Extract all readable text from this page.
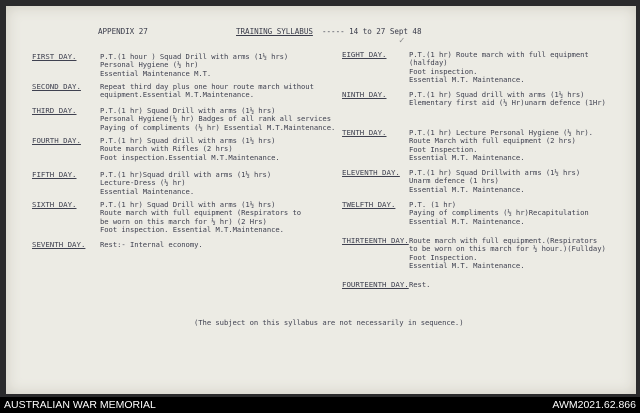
APPENDIX 27	TRAINING SYLLABUS ----- 14 to 27 Sept 48
✓
FIRST DAY.	P.T.(1 hour ) Squad Drill with arms (1½ hrs)
Personal Hygiene (½ hr)
Essential Maintenance M.T.
SECOND DAY.	Repeat third day plus one hour route march without
equipment.Essential M.T.Maintenance.
THIRD DAY.	P.T.(1 hr) Squad Drill with arms (1½ hrs)
Personal Hygiene(½ hr) Badges of all rank all services
Paying of compliments (½ hr) Essential M.T.Maintenance.
FOURTH DAY.	P.T.(1 hr) Squad drill with arms (1½ hrs)
Route march with Rifles (2 hrs)
Foot inspection.Essential M.T.Maintenance.
FIFTH DAY.	P.T.(1 hr)Squad drill with arms (1½ hrs)
Lecture-Dress (½ hr)
Essential Maintenance.
SIXTH DAY.	P.T.(1 hr) Squad Drill with arms (1½ hrs)
Route march with full equipment (Respirators to
be worn on this march for ½ hr) (2 Hrs)
Foot inspection. Essential M.T.Maintenance.
SEVENTH DAY. Rest:- Internal economy.
EIGHT DAY.	P.T.(1 hr) Route march with full equipment
(halfday)
Foot inspection.
Essential M.T. Maintenance.
NINTH DAY.	P.T.(1 hr) Squad drill with arms (1½ hrs)
Elementary first aid (½ Hr)unarm defence (1Hr)
TENTH DAY.	P.T.(1 hr) Lecture Personal Hygiene (½ hr).
Route March with full equipment (2 hrs)
Foot Inspection.
Essential M.T. Maintenance.
ELEVENTH DAY. P.T.(1 hr) Squad Drillwith arms (1½ hrs)
Unarm defence (1 hrs)
Essential M.T. Maintenance.
TWELFTH DAY. P.T. (1 hr)
Paying of compliments (½ hr)Recapitulation
Essential M.T. Maintenance.
THIRTEENTH DAY. Route march with full equipment.(Respirators
to be worn on this march for ½ hour.)(Fullday)
Foot Inspection.
Essential M.T. Maintenance.
FOURTEENTH DAY. Rest.
(The subject on this syllabus are not necessarily in sequence.)
AUSTRALIAN WAR MEMORIAL	AWM2021.62.866
